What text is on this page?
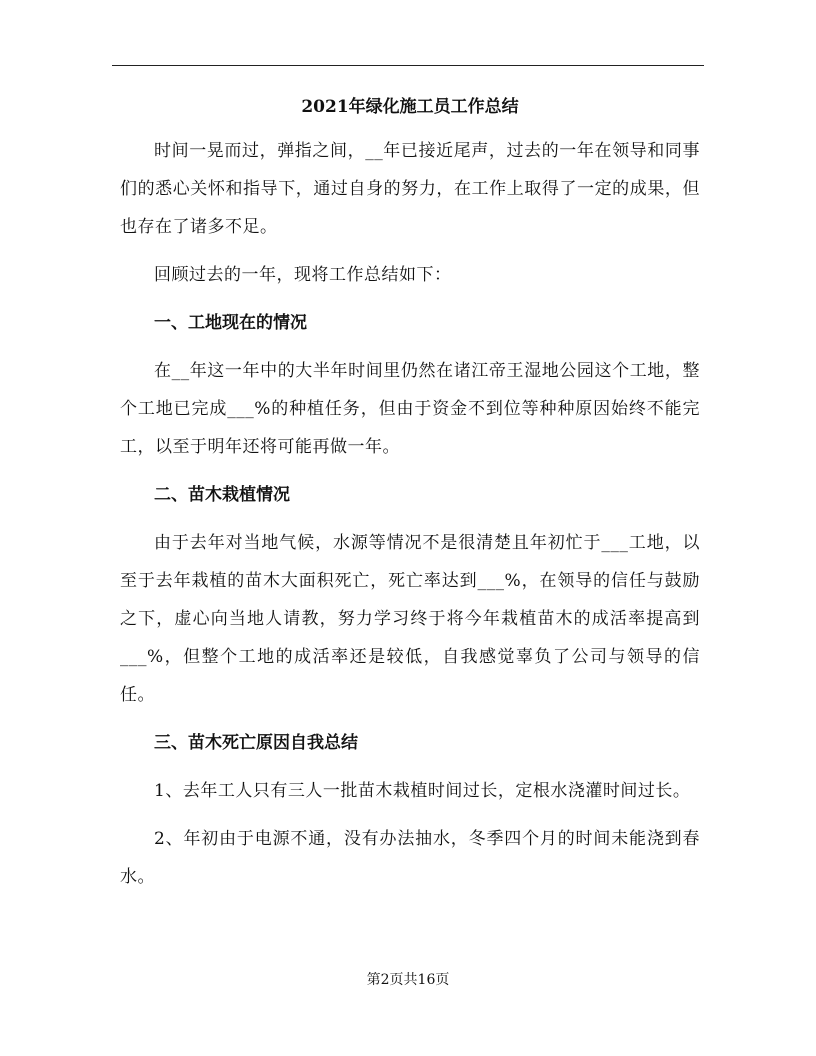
2021年绿化施工员工作总结

时间一晃而过，弹指之间，__年已接近尾声，过去的一年在领导和同事们的悉心关怀和指导下，通过自身的努力，在工作上取得了一定的成果，但也存在了诸多不足。

回顾过去的一年，现将工作总结如下：

一、工地现在的情况

在__年这一年中的大半年时间里仍然在诸江帝王湿地公园这个工地，整个工地已完成___%的种植任务，但由于资金不到位等种种原因始终不能完工，以至于明年还将可能再做一年。

二、苗木栽植情况

由于去年对当地气候，水源等情况不是很清楚且年初忙于___工地，以至于去年栽植的苗木大面积死亡，死亡率达到___%，在领导的信任与鼓励之下，虚心向当地人请教，努力学习终于将今年栽植苗木的成活率提高到___%，但整个工地的成活率还是较低，自我感觉辜负了公司与领导的信任。

三、苗木死亡原因自我总结

1、去年工人只有三人一批苗木栽植时间过长，定根水浇灌时间过长。

2、年初由于电源不通，没有办法抽水，冬季四个月的时间未能浇到春水。

第2页共16页
